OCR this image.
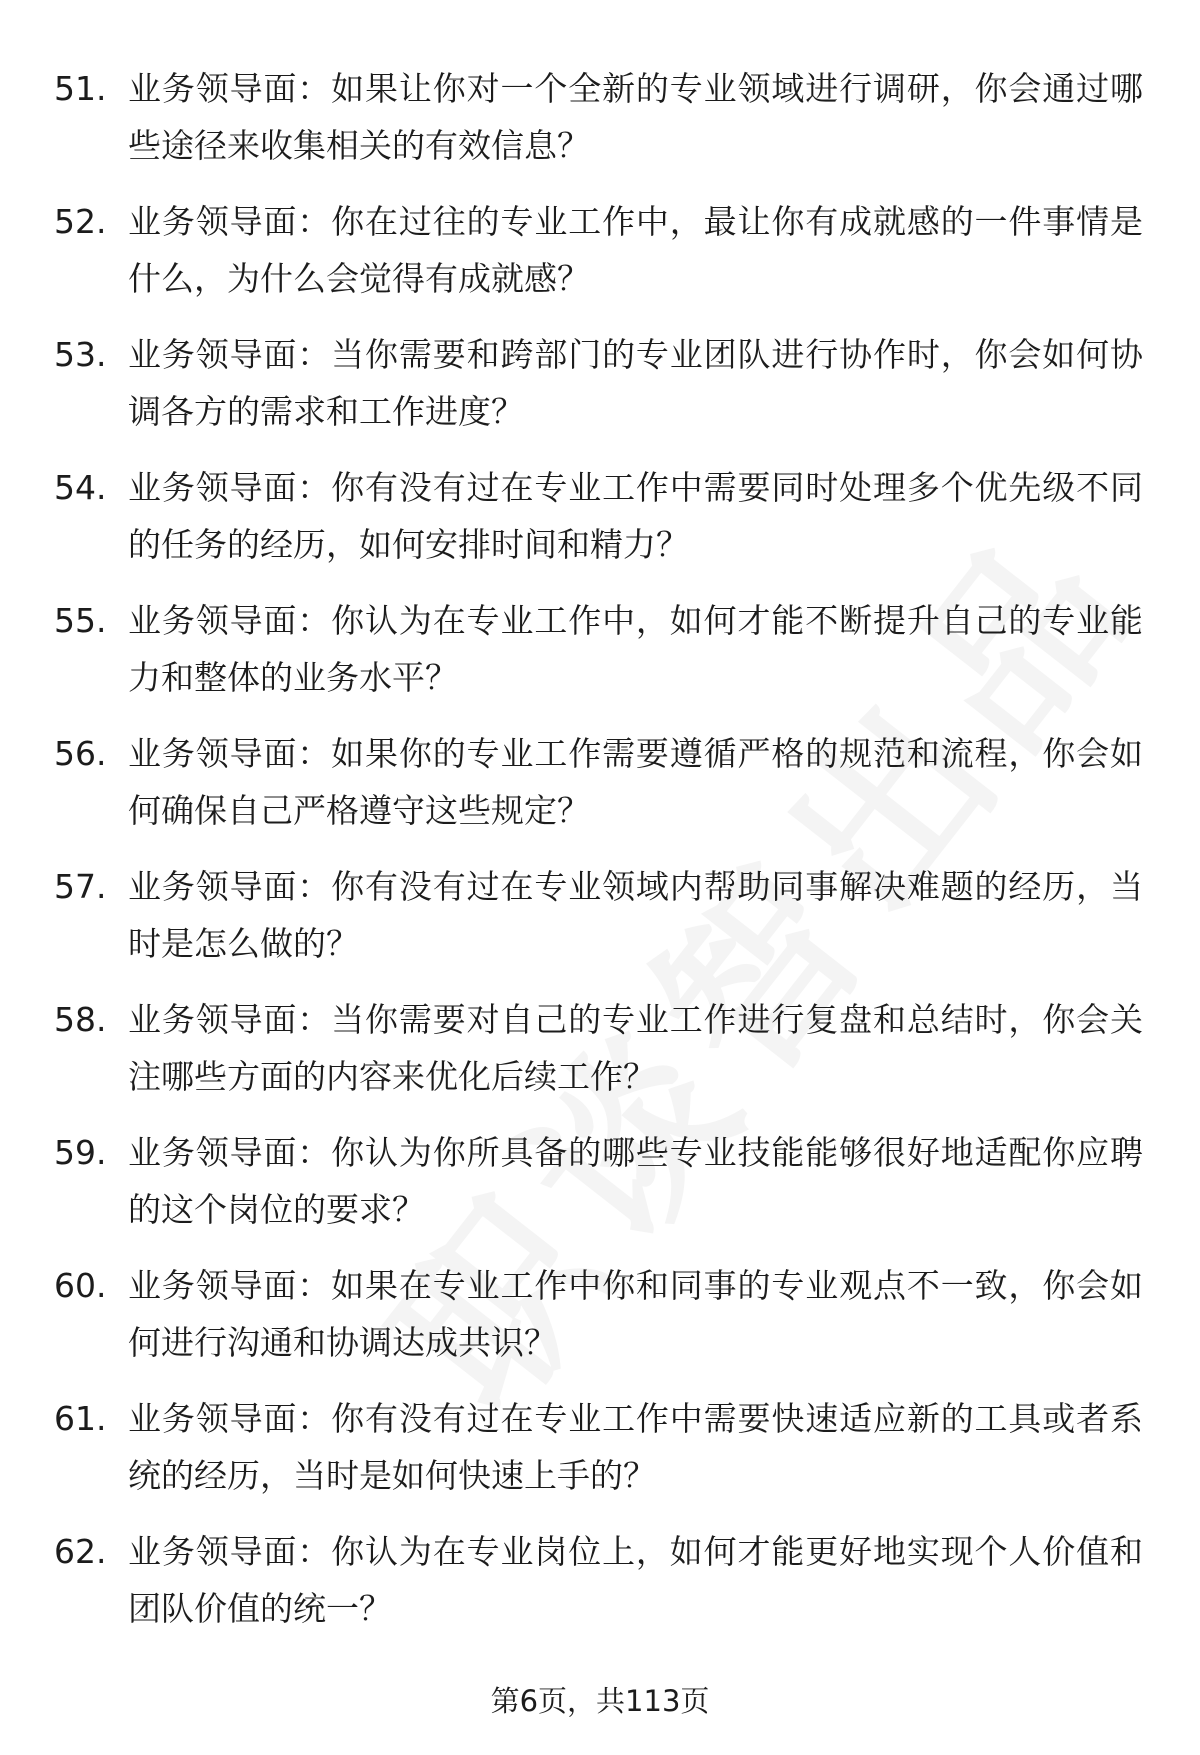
51. 业务领导面：如果让你对一个全新的专业领域进行调研，你会通过哪些途径来收集相关的有效信息？
52. 业务领导面：你在过往的专业工作中，最让你有成就感的一件事情是什么，为什么会觉得有成就感？
53. 业务领导面：当你需要和跨部门的专业团队进行协作时，你会如何协调各方的需求和工作进度？
54. 业务领导面：你有没有过在专业工作中需要同时处理多个优先级不同的任务的经历，如何安排时间和精力？
55. 业务领导面：你认为在专业工作中，如何才能不断提升自己的专业能力和整体的业务水平？
56. 业务领导面：如果你的专业工作需要遵循严格的规范和流程，你会如何确保自己严格遵守这些规定？
57. 业务领导面：你有没有过在专业领域内帮助同事解决难题的经历，当时是怎么做的？
58. 业务领导面：当你需要对自己的专业工作进行复盘和总结时，你会关注哪些方面的内容来优化后续工作？
59. 业务领导面：你认为你所具备的哪些专业技能能够很好地适配你应聘的这个岗位的要求？
60. 业务领导面：如果在专业工作中你和同事的专业观点不一致，你会如何进行沟通和协调达成共识？
61. 业务领导面：你有没有过在专业工作中需要快速适应新的工具或者系统的经历，当时是如何快速上手的？
62. 业务领导面：你认为在专业岗位上，如何才能更好地实现个人价值和团队价值的统一？
第6页，共113页
